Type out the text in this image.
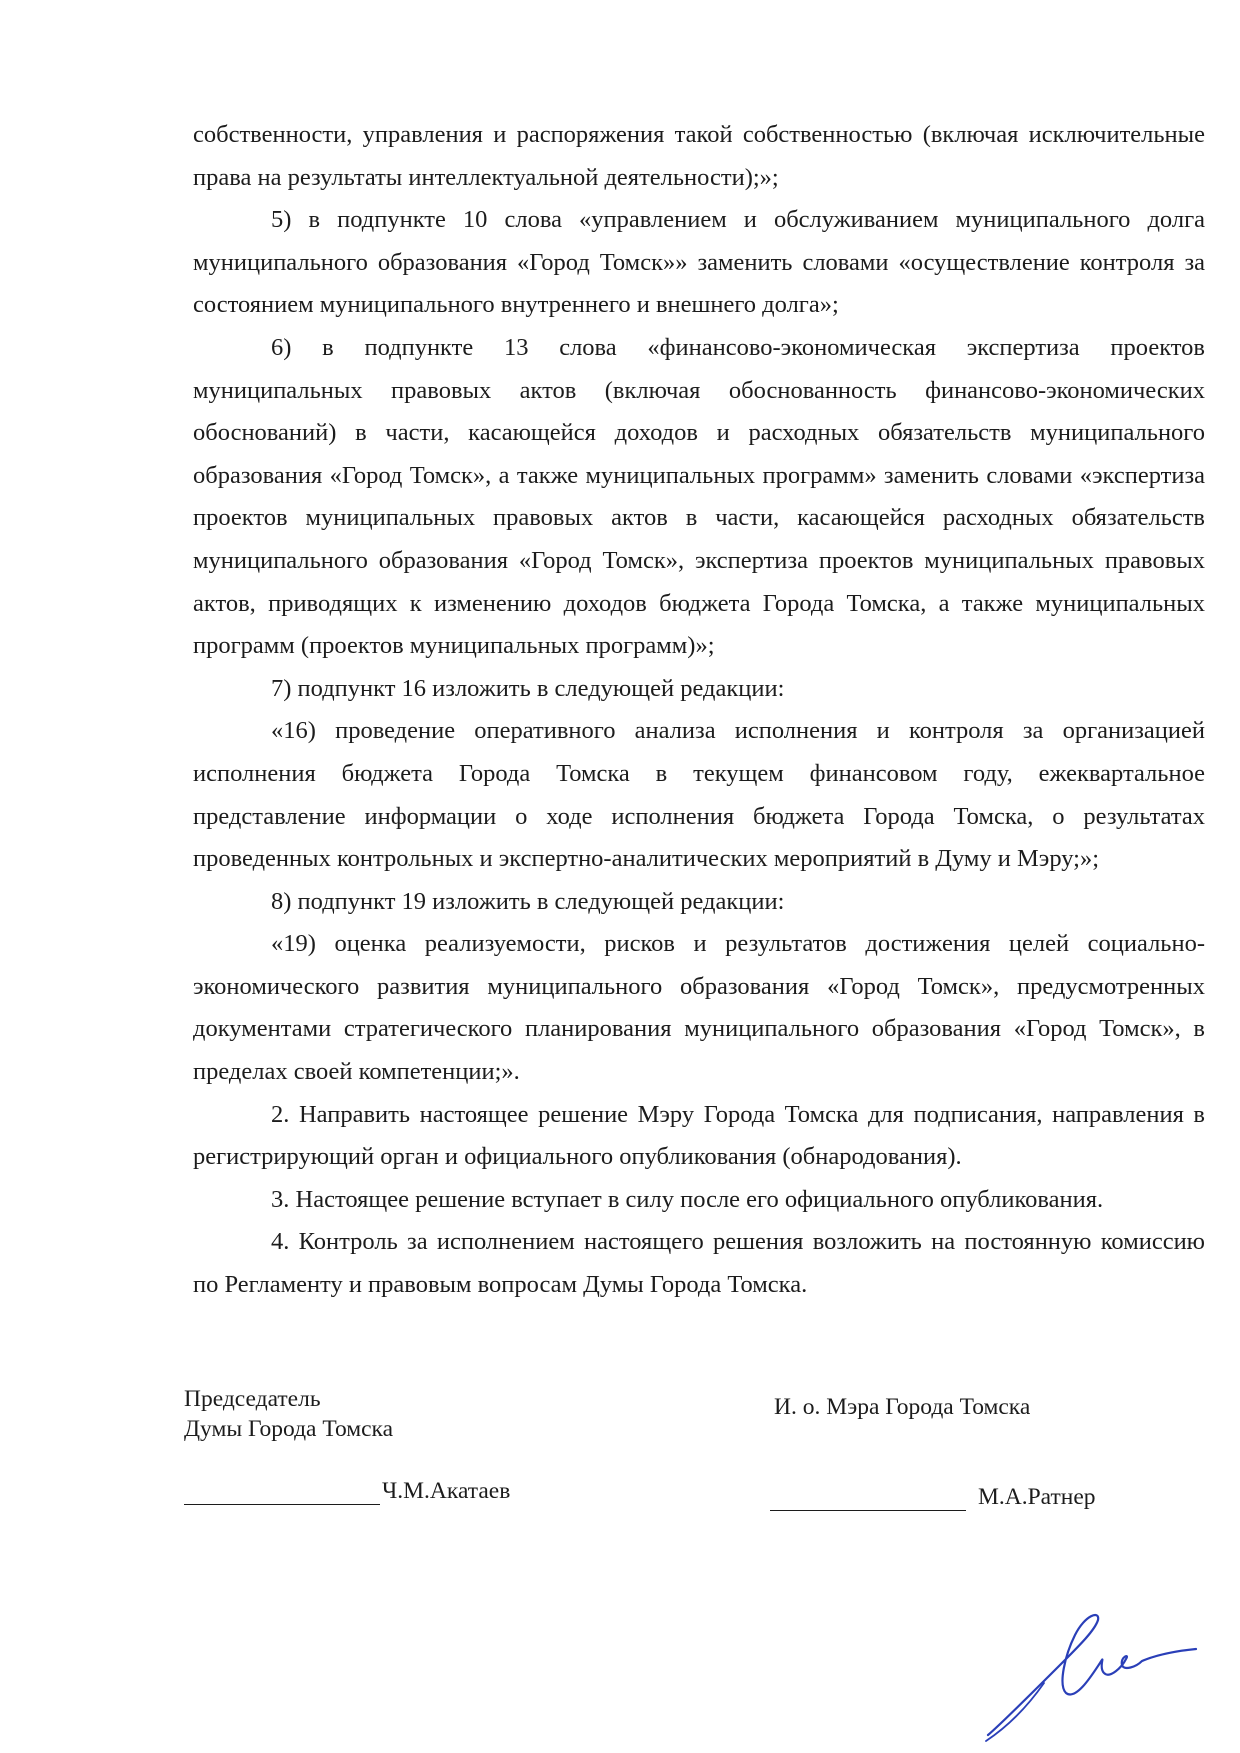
собственности, управления и распоряжения такой собственностью (включая исключительные права на результаты интеллектуальной деятельности);»;

5) в подпункте 10 слова «управлением и обслуживанием муниципального долга муниципального образования «Город Томск»» заменить словами «осуществление контроля за состоянием муниципального внутреннего и внешнего долга»;

6) в подпункте 13 слова «финансово-экономическая экспертиза проектов муниципальных правовых актов (включая обоснованность финансово-экономических обоснований) в части, касающейся доходов и расходных обязательств муниципального образования «Город Томск», а также муниципальных программ» заменить словами «экспертиза проектов муниципальных правовых актов в части, касающейся расходных обязательств муниципального образования «Город Томск», экспертиза проектов муниципальных правовых актов, приводящих к изменению доходов бюджета Города Томска, а также муниципальных программ (проектов муниципальных программ)»;

7) подпункт 16 изложить в следующей редакции:

«16) проведение оперативного анализа исполнения и контроля за организацией исполнения бюджета Города Томска в текущем финансовом году, ежеквартальное представление информации о ходе исполнения бюджета Города Томска, о результатах проведенных контрольных и экспертно-аналитических мероприятий в Думу и Мэру;»;

8) подпункт 19 изложить в следующей редакции:

«19) оценка реализуемости, рисков и результатов достижения целей социально-экономического развития муниципального образования «Город Томск», предусмотренных документами стратегического планирования муниципального образования «Город Томск», в пределах своей компетенции;».

2. Направить настоящее решение Мэру Города Томска для подписания, направления в регистрирующий орган и официального опубликования (обнародования).

3. Настоящее решение вступает в силу после его официального опубликования.

4. Контроль за исполнением настоящего решения возложить на постоянную комиссию по Регламенту и правовым вопросам Думы Города Томска.

Председатель
Думы Города Томска
И. о. Мэра Города Томска
Ч.М.Акатаев	М.А.Ратнер
